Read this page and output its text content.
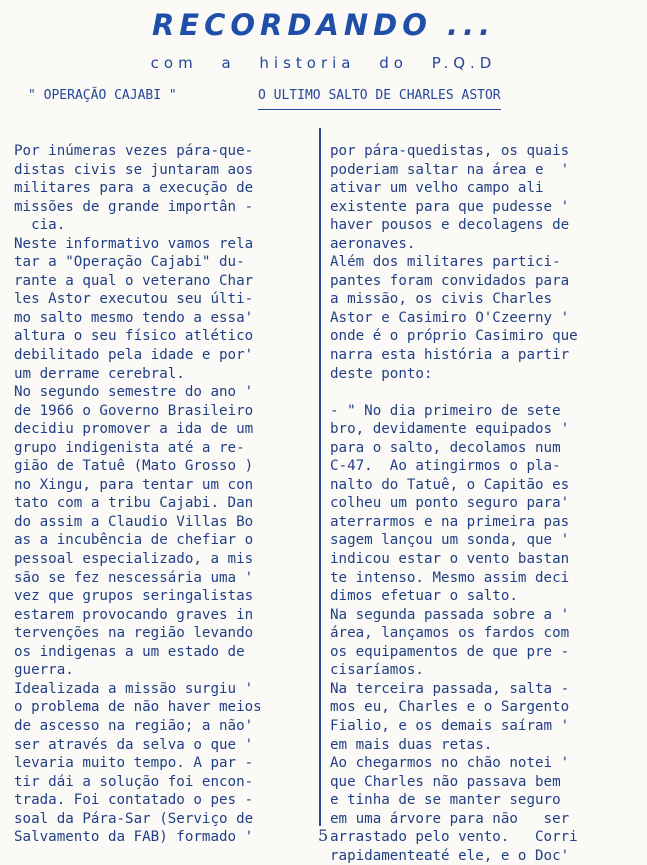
RECORDANDO ...
com a historia do P.Q.D
" OPERAÇÃO CAJABI "	O ULTIMO SALTO DE CHARLES ASTOR
Por inúmeras vezes pára-que-
distas civis se juntaram aos
militares para a execução de
missões de grande importân -
cia.
Neste informativo vamos rela
tar a "Operação Cajabi" du-
rante a qual o veterano Char
les Astor executou seu últi-
mo salto mesmo tendo a essa'
altura o seu físico atlético
debilitado pela idade e por'
um derrame cerebral.
No segundo semestre do ano '
de 1966 o Governo Brasileiro
decidiu promover a ida de um
grupo indigenista até a re-
gião de Tatuê (Mato Grosso )
no Xingu, para tentar um con
tato com a tribu Cajabi. Dan
do assim a Claudio Villas Bo
as a incubência de chefiar o
pessoal especializado, a mis
são se fez nescessária uma '
vez que grupos seringalistas
estarem provocando graves in
tervenções na região levando
os indigenas a um estado de
guerra.
Idealizada a missão surgiu '
o problema de não haver meios
de ascesso na região; a não'
ser através da selva o que '
levaria muito tempo. A par -
tir dái a solução foi encon-
trada. Foi contatado o pes -
soal da Pára-Sar (Serviço de
Salvamento da FAB) formado '
por pára-quedistas, os quais
poderiam saltar na área e  '
ativar um velho campo ali
existente para que pudesse '
haver pousos e decolagens de
aeronaves.
Além dos militares partici-
pantes foram convidados para
a missão, os civis Charles
Astor e Casimiro O'Czeerny '
onde é o próprio Casimiro que
narra esta história a partir
deste ponto:
- " No dia primeiro de sete
bro, devidamente equipados '
para o salto, decolamos num
C-47.  Ao atingirmos o pla-
nalto do Tatuê, o Capitão es
colheu um ponto seguro para'
aterrarmos e na primeira pas
sagem lançou um sonda, que '
indicou estar o vento bastan
te intenso. Mesmo assim deci
dimos efetuar o salto.
Na segunda passada sobre a '
área, lançamos os fardos com
os equipamentos de que pre -
cisaríamos.
Na terceira passada, salta -
mos eu, Charles e o Sargento
Fialio, e os demais saíram '
em mais duas retas.
Ao chegarmos no chão notei '
que Charles não passava bem
e tinha de se manter seguro
em uma árvore para não   ser
arrastado pelo vento.   Corri
rapidamenteaté ele, e o Doc'
5
